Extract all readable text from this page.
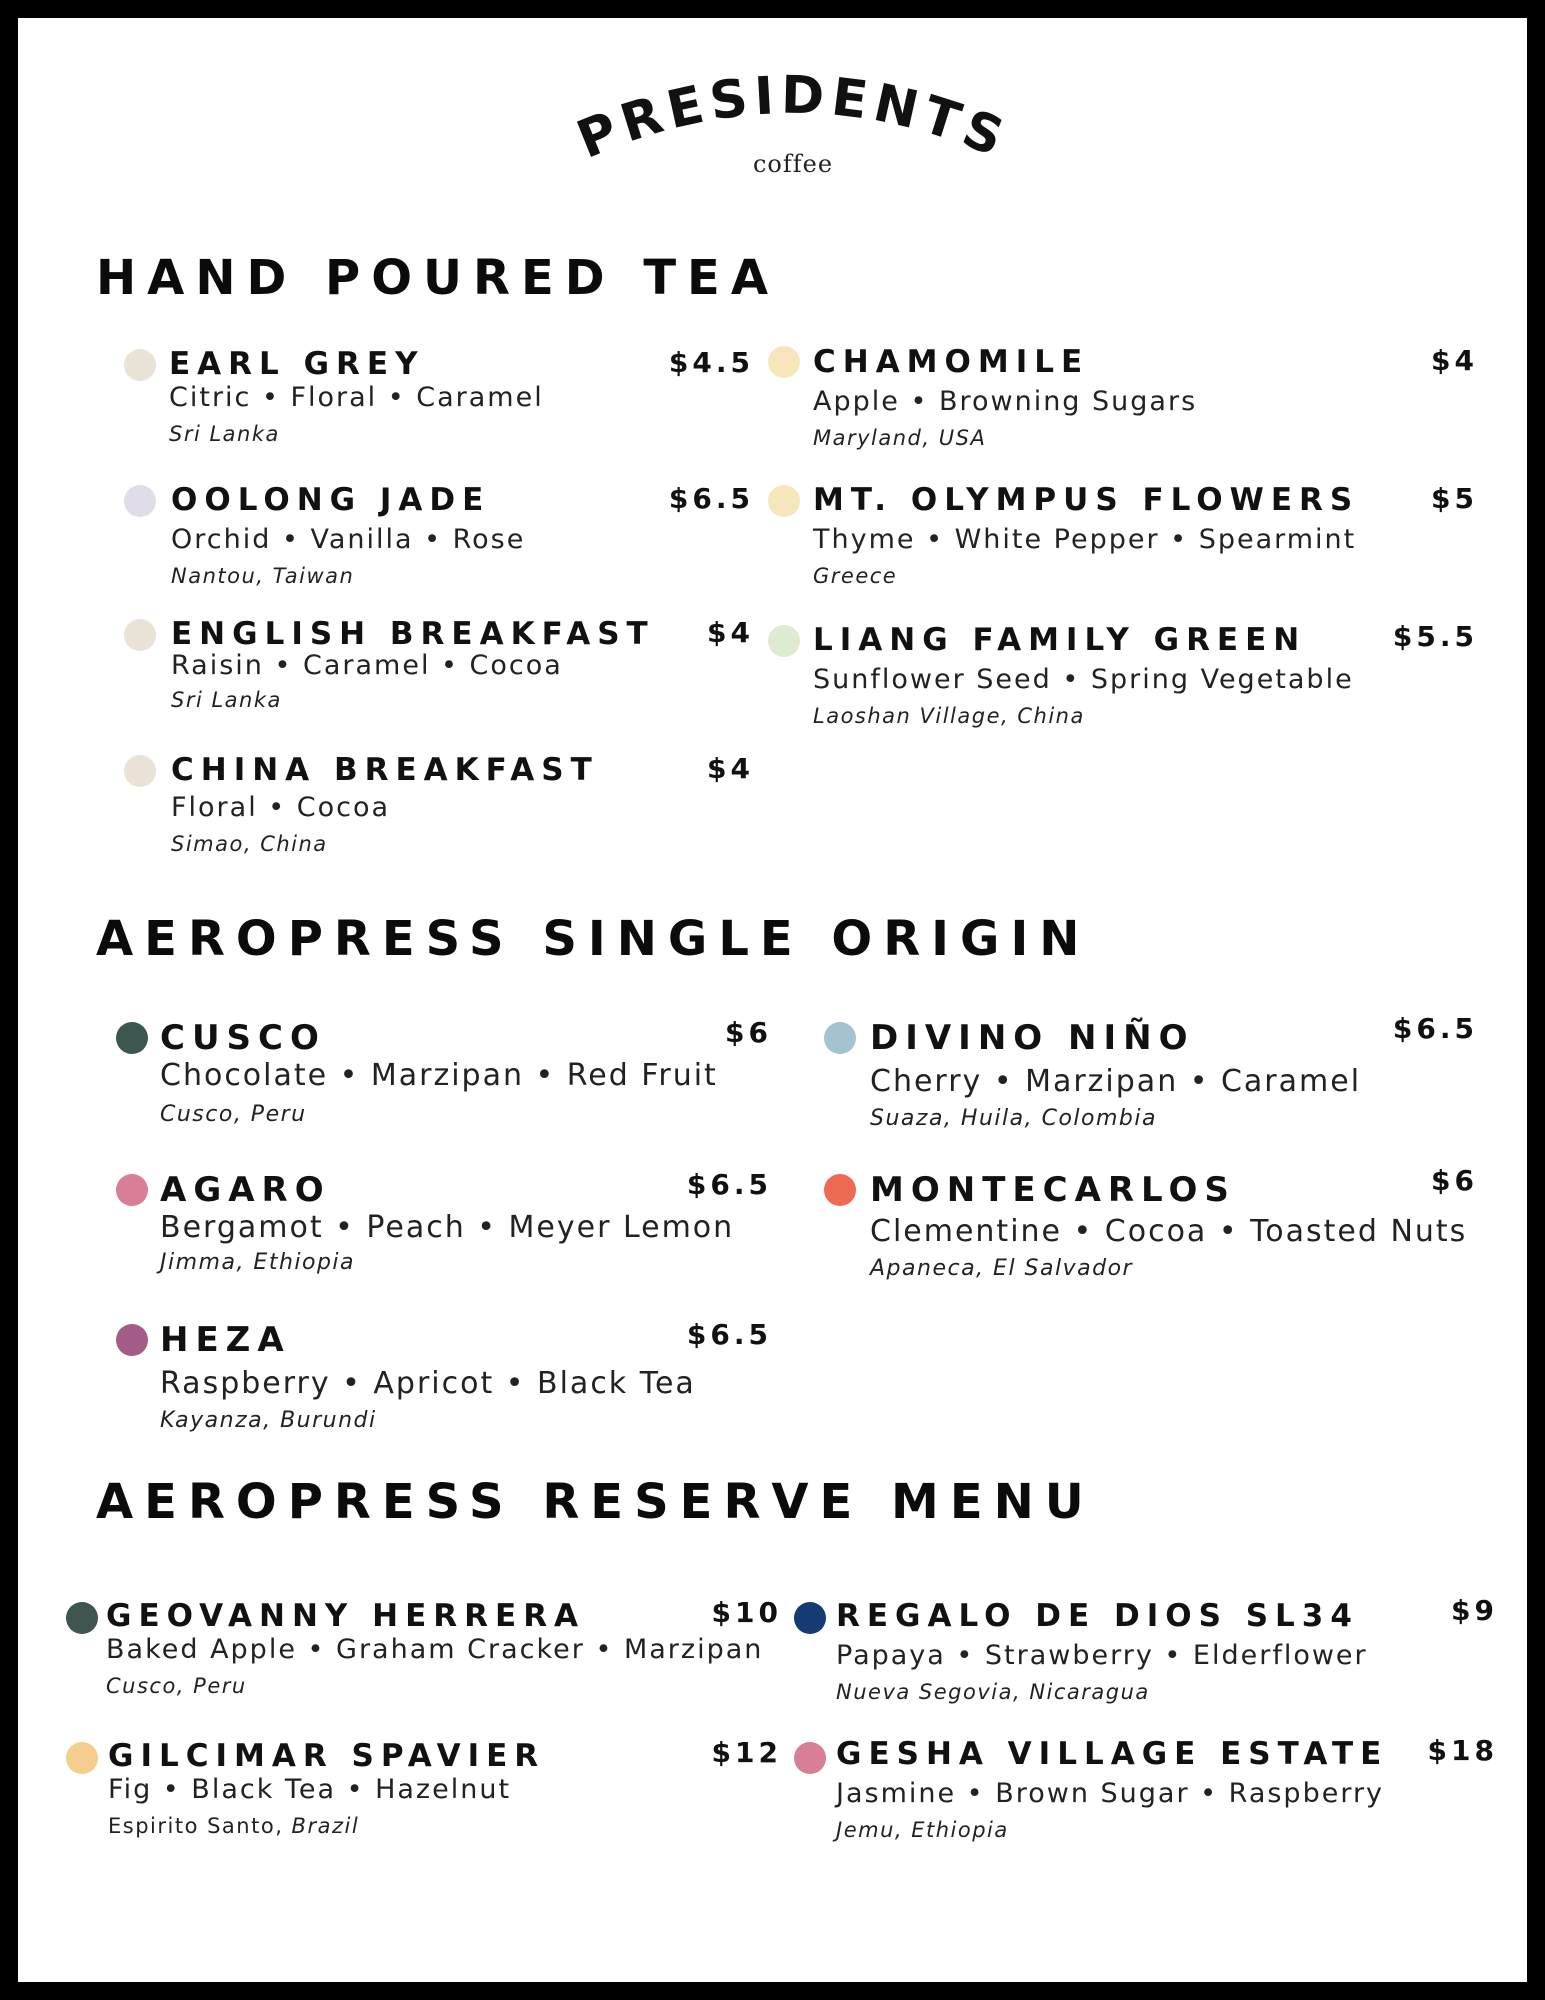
PRESIDENTS
coffee
HAND POURED TEA
EARL GREY	$4.5
Citric • Floral • Caramel
Sri Lanka
OOLONG JADE	$6.5
Orchid • Vanilla • Rose
Nantou, Taiwan
ENGLISH BREAKFAST $4
Raisin • Caramel • Cocoa
Sri Lanka
CHINA BREAKFAST	$4
Floral • Cocoa
Simao, China
CHAMOMILE	$4
Apple • Browning Sugars
Maryland, USA
MT. OLYMPUS FLOWERS	$5
Thyme • White Pepper • Spearmint
Greece
LIANG FAMILY GREEN	$5.5
Sunflower Seed • Spring Vegetable
Laoshan Village, China
AEROPRESS SINGLE ORIGIN
CUSCO	$6
Chocolate • Marzipan • Red Fruit
Cusco, Peru
AGARO	$6.5
Bergamot • Peach • Meyer Lemon
Jimma, Ethiopia
HEZA	$6.5
Raspberry • Apricot • Black Tea
Kayanza, Burundi
DIVINO NIÑO	$6.5
Cherry • Marzipan • Caramel
Suaza, Huila, Colombia
MONTECARLOS	$6
Clementine • Cocoa • Toasted Nuts
Apaneca, El Salvador
AEROPRESS RESERVE MENU
GEOVANNY HERRERA	$10
Baked Apple • Graham Cracker • Marzipan
Cusco, Peru
GILCIMAR SPAVIER	$12
Fig • Black Tea • Hazelnut
Espirito Santo, Brazil
REGALO DE DIOS SL34	$9
Papaya • Strawberry • Elderflower
Nueva Segovia, Nicaragua
GESHA VILLAGE ESTATE $18
Jasmine • Brown Sugar • Raspberry
Jemu, Ethiopia
